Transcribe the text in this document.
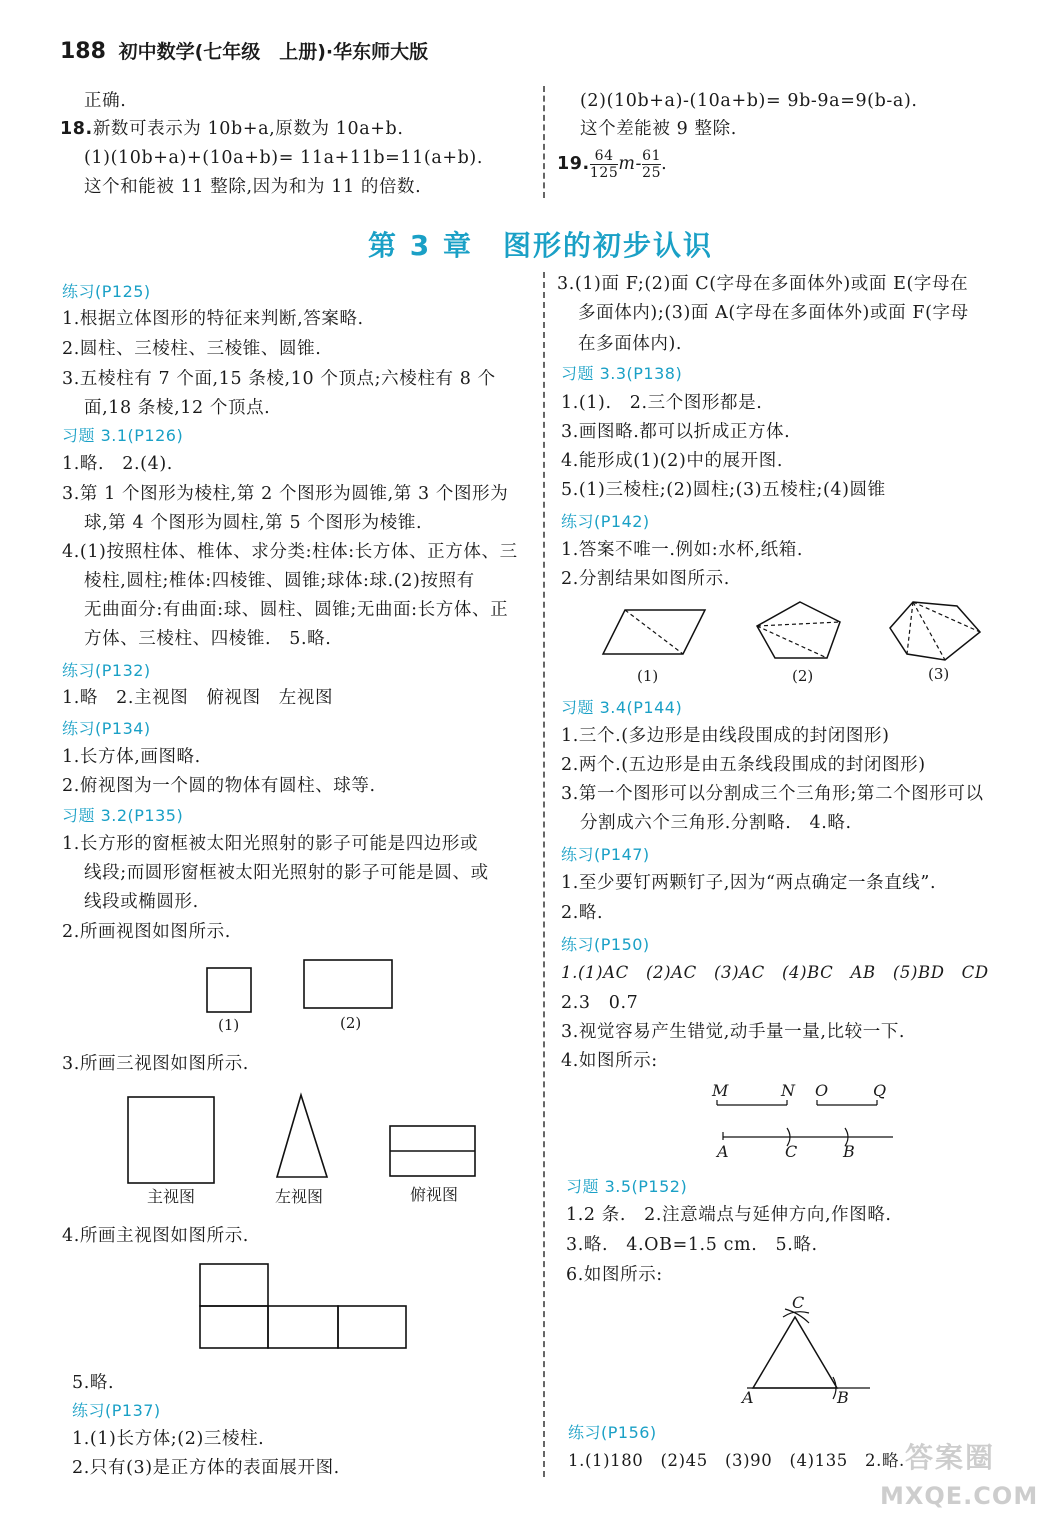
188 初中数学(七年级　上册)·华东师大版
正确.
18.新数可表示为 10b+a,原数为 10a+b.
(1)(10b+a)+(10a+b)= 11a+11b=11(a+b).
这个和能被 11 整除,因为和为 11 的倍数.
(2)(10b+a)-(10a+b)= 9b-9a=9(b-a).
这个差能被 9 整除.
19. $\frac{64}{125} m- \frac{61}{25}$ .
第 3 章　图形的初步认识
练习(P125)
1.根据立体图形的特征来判断,答案略.
2.圆柱、三棱柱、三棱锥、圆锥.
3.五棱柱有 7 个面,15 条棱,10 个顶点;六棱柱有 8 个
面,18 条棱,12 个顶点.
习题 3.1(P126)
1.略.　2.(4).
3.第 1 个图形为棱柱,第 2 个图形为圆锥,第 3 个图形为
球,第 4 个图形为圆柱,第 5 个图形为棱锥.
4.(1)按照柱体、椎体、求分类:柱体:长方体、正方体、三
棱柱,圆柱;椎体:四棱锥、圆锥;球体:球.(2)按照有
无曲面分:有曲面:球、圆柱、圆锥;无曲面:长方体、正
方体、三棱柱、四棱锥.　5.略.
练习(P132)
1.略　2.主视图　俯视图　左视图
练习(P134)
1.长方体,画图略.
2.俯视图为一个圆的物体有圆柱、球等.
习题 3.2(P135)
1.长方形的窗框被太阳光照射的影子可能是四边形或
线段;而圆形窗框被太阳光照射的影子可能是圆、或
线段或椭圆形.
2.所画视图如图所示.
(1)	(2)
3.所画三视图如图所示.
主视图	左视图	俯视图
4.所画主视图如图所示.
5.略.
练习(P137)
1.(1)长方体;(2)三棱柱.
2.只有(3)是正方体的表面展开图.
3.(1)面 F;(2)面 C(字母在多面体外)或面 E(字母在
多面体内);(3)面 A(字母在多面体外)或面 F(字母
在多面体内).
习题 3.3(P138)
1.(1).　2.三个图形都是.
3.画图略.都可以折成正方体.
4.能形成(1)(2)中的展开图.
5.(1)三棱柱;(2)圆柱;(3)五棱柱;(4)圆锥
练习(P142)
1.答案不唯一.例如:水杯,纸箱.
2.分割结果如图所示.
(1)	(2)	(3)
习题 3.4(P144)
1.三个.(多边形是由线段围成的封闭图形)
2.两个.(五边形是由五条线段围成的封闭图形)
3.第一个图形可以分割成三个三角形;第二个图形可以
分割成六个三角形.分割略.　4.略.
练习(P147)
1.至少要钉两颗钉子,因为“两点确定一条直线”.
2.略.
练习(P150)
1.(1)AC　(2)AC　(3)AC　(4)BC　AB　(5)BD　CD
2.3　0.7
3.视觉容易产生错觉,动手量一量,比较一下.
4.如图所示:
M	N O	Q
A	C	B
习题 3.5(P152)
1.2 条.　2.注意端点与延伸方向,作图略.
3.略.　4.OB=1.5 cm.　5.略.
6.如图所示:
C
A	B
练习(P156)
1.(1)180　(2)45　(3)90　(4)135　2.略. 答案圈
MXQE.COM
